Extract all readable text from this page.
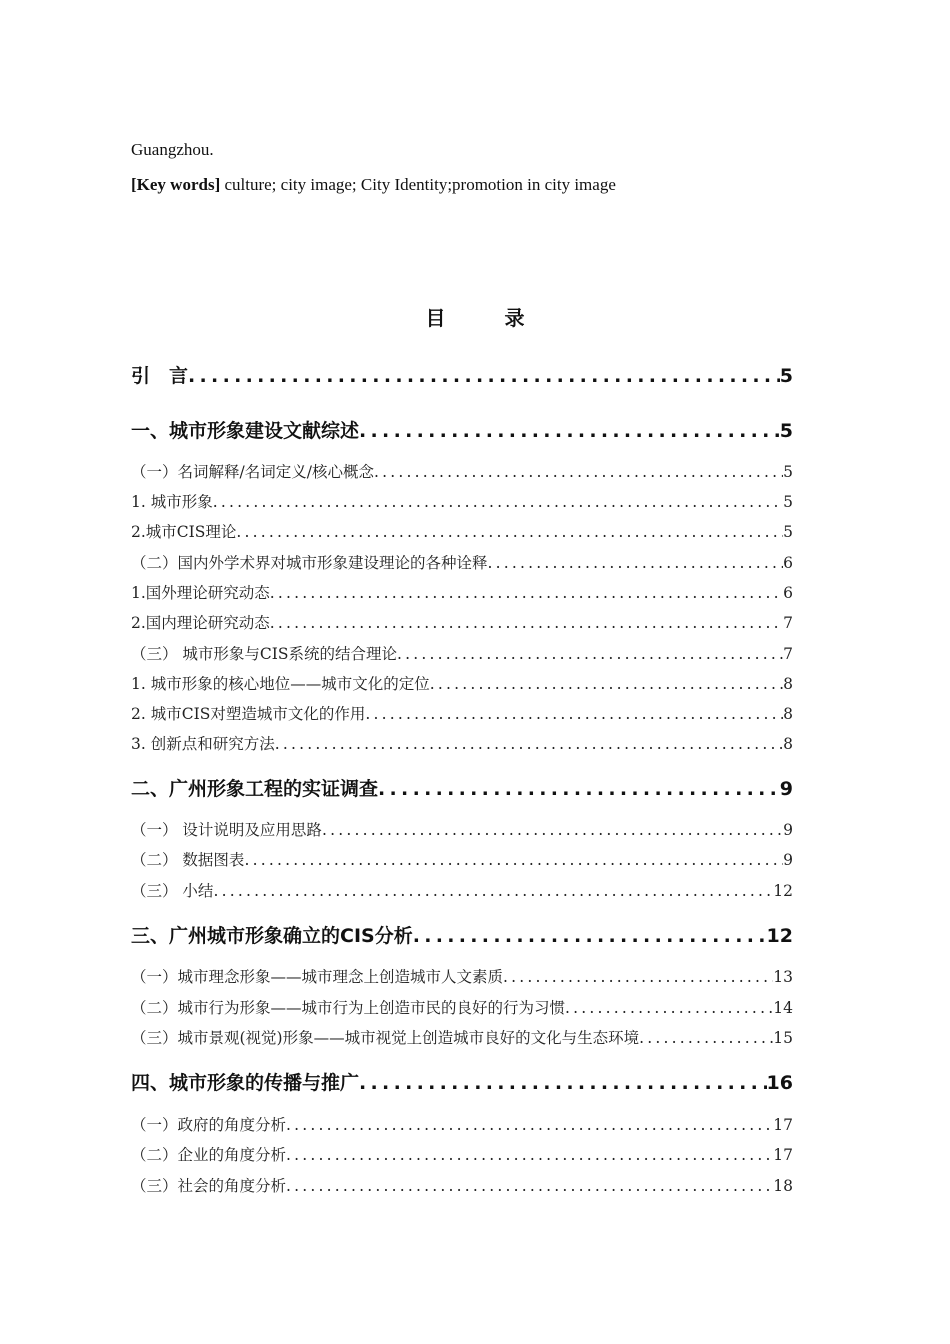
Guangzhou.
[Key words] culture; city image; City Identity;promotion in city image
目 录
引　言 .....	5
一、城市形象建设文献综述 .....	5
（一）名词解释/名词定义/核心概念 .....	5
1. 城市形象 .....	5
2.城市CIS理论 .....	5
（二）国内外学术界对城市形象建设理论的各种诠释 .....	6
1.国外理论研究动态 .....	6
2.国内理论研究动态 .....	7
（三） 城市形象与CIS系统的结合理论 .....	7
1. 城市形象的核心地位——城市文化的定位 .....	8
2. 城市CIS对塑造城市文化的作用 .....	8
3. 创新点和研究方法 .....	8
二、广州形象工程的实证调查 .....	9
（一） 设计说明及应用思路 .....	9
（二） 数据图表 .....	9
（三） 小结 .....	12
三、广州城市形象确立的CIS分析 .....	12
（一）城市理念形象——城市理念上创造城市人文素质 .....	13
（二）城市行为形象——城市行为上创造市民的良好的行为习惯 .....	14
（三）城市景观(视觉)形象——城市视觉上创造城市良好的文化与生态环境 .....	15
四、城市形象的传播与推广 .....	16
（一）政府的角度分析 .....	17
（二）企业的角度分析 .....	17
（三）社会的角度分析 .....	18
